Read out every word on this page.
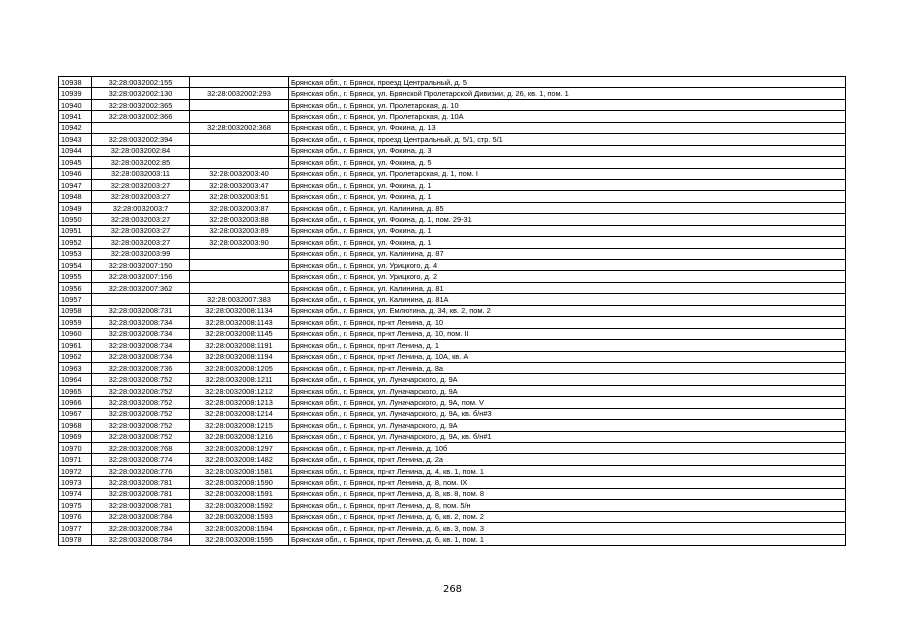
10938	32:28:0032002:155		Брянская обл., г. Брянск, проезд Центральный, д. 5
10939	32:28:0032002:130	32:28:0032002:293	Брянская обл., г. Брянск, ул. Брянской Пролетарской Дивизии, д. 26, кв. 1, пом. 1
10940	32:28:0032002:365		Брянская обл., г. Брянск, ул. Пролетарская, д. 10
10941	32:28:0032002:366		Брянская обл., г. Брянск, ул. Пролетарская, д. 10А
10942		32:28:0032002:368	Брянская обл., г. Брянск, ул. Фокина, д. 13
10943	32:28:0032002:394		Брянская обл., г. Брянск, проезд Центральный, д. 5/1, стр. 5/1
10944	32:28:0032002:84		Брянская обл., г. Брянск, ул. Фокина, д. 3
10945	32:28:0032002:85		Брянская обл., г. Брянск, ул. Фокина, д. 5
10946	32:28:0032003:11	32:28:0032003:40	Брянская обл., г. Брянск, ул. Пролетарская, д. 1, пом. I
10947	32:28:0032003:27	32:28:0032003:47	Брянская обл., г. Брянск, ул. Фокина, д. 1
10948	32:28:0032003:27	32:28:0032003:51	Брянская обл., г. Брянск, ул. Фокина, д. 1
10949	32:28:0032003:7	32:28:0032003:87	Брянская обл., г. Брянск, ул. Калинина, д. 85
10950	32:28:0032003:27	32:28:0032003:88	Брянская обл., г. Брянск, ул. Фокина, д. 1, пом. 29-31
10951	32:28:0032003:27	32:28:0032003:89	Брянская обл., г. Брянск, ул. Фокина, д. 1
10952	32:28:0032003:27	32:28:0032003:90	Брянская обл., г. Брянск, ул. Фокина, д. 1
10953	32:28:0032003:99		Брянская обл., г. Брянск, ул. Калинина, д. 87
10954	32:28:0032007:150		Брянская обл., г. Брянск, ул. Урицкого, д. 4
10955	32:28:0032007:156		Брянская обл., г. Брянск, ул. Урицкого, д. 2
10956	32:28:0032007:362		Брянская обл., г. Брянск, ул. Калинина, д. 81
10957		32:28:0032007:383	Брянская обл., г. Брянск, ул. Калинина, д. 81А
10958	32:28:0032008:731	32:28:0032008:1134	Брянская обл., г. Брянск, ул. Емлютина, д. 34, кв. 2, пом. 2
10959	32:28:0032008:734	32:28:0032008:1143	Брянская обл., г. Брянск, пр-кт Ленина, д. 10
10960	32:28:0032008:734	32:28:0032008:1145	Брянская обл., г. Брянск, пр-кт Ленина, д. 10, пом. II
10961	32:28:0032008:734	32:28:0032008:1191	Брянская обл., г. Брянск, пр-кт Ленина, д. 1
10962	32:28:0032008:734	32:28:0032008:1194	Брянская обл., г. Брянск, пр-кт Ленина, д. 10А, кв. А
10963	32:28:0032008:736	32:28:0032008:1205	Брянская обл., г. Брянск, пр-кт Ленина, д. 8а
10964	32:28:0032008:752	32:28:0032008:1211	Брянская обл., г. Брянск, ул. Луначарского, д. 9А
10965	32:28:0032008:752	32:28:0032008:1212	Брянская обл., г. Брянск, ул. Луначарского, д. 9А
10966	32:28:0032008:752	32:28:0032008:1213	Брянская обл., г. Брянск, ул. Луначарского, д. 9А, пом. V
10967	32:28:0032008:752	32:28:0032008:1214	Брянская обл., г. Брянск, ул. Луначарского, д. 9А, кв. б/н#3
10968	32:28:0032008:752	32:28:0032008:1215	Брянская обл., г. Брянск, ул. Луначарского, д. 9А
10969	32:28:0032008:752	32:28:0032008:1216	Брянская обл., г. Брянск, ул. Луначарского, д. 9А, кв. б/н#1
10970	32:28:0032008:768	32:28:0032008:1297	Брянская обл., г. Брянск, пр-кт Ленина, д. 10б
10971	32:28:0032008:774	32:28:0032008:1482	Брянская обл., г. Брянск, пр-кт Ленина, д. 2а
10972	32:28:0032008:776	32:28:0032008:1581	Брянская обл., г. Брянск, пр-кт Ленина, д. 4, кв. 1, пом. 1
10973	32:28:0032008:781	32:28:0032008:1590	Брянская обл., г. Брянск, пр-кт Ленина, д. 8, пом. IX
10974	32:28:0032008:781	32:28:0032008:1591	Брянская обл., г. Брянск, пр-кт Ленина, д. 8, кв. 8, пом. 8
10975	32:28:0032008:781	32:28:0032008:1592	Брянская обл., г. Брянск, пр-кт Ленина, д. 8, пом. 5/н
10976	32:28:0032008:784	32:28:0032008:1593	Брянская обл., г. Брянск, пр-кт Ленина, д. 6, кв. 2, пом. 2
10977	32:28:0032008:784	32:28:0032008:1594	Брянская обл., г. Брянск, пр-кт Ленина, д. 6, кв. 3, пом. 3
10978	32:28:0032008:784	32:28:0032008:1595	Брянская обл., г. Брянск, пр-кт Ленина, д. 6, кв. 1, пом. 1
268
